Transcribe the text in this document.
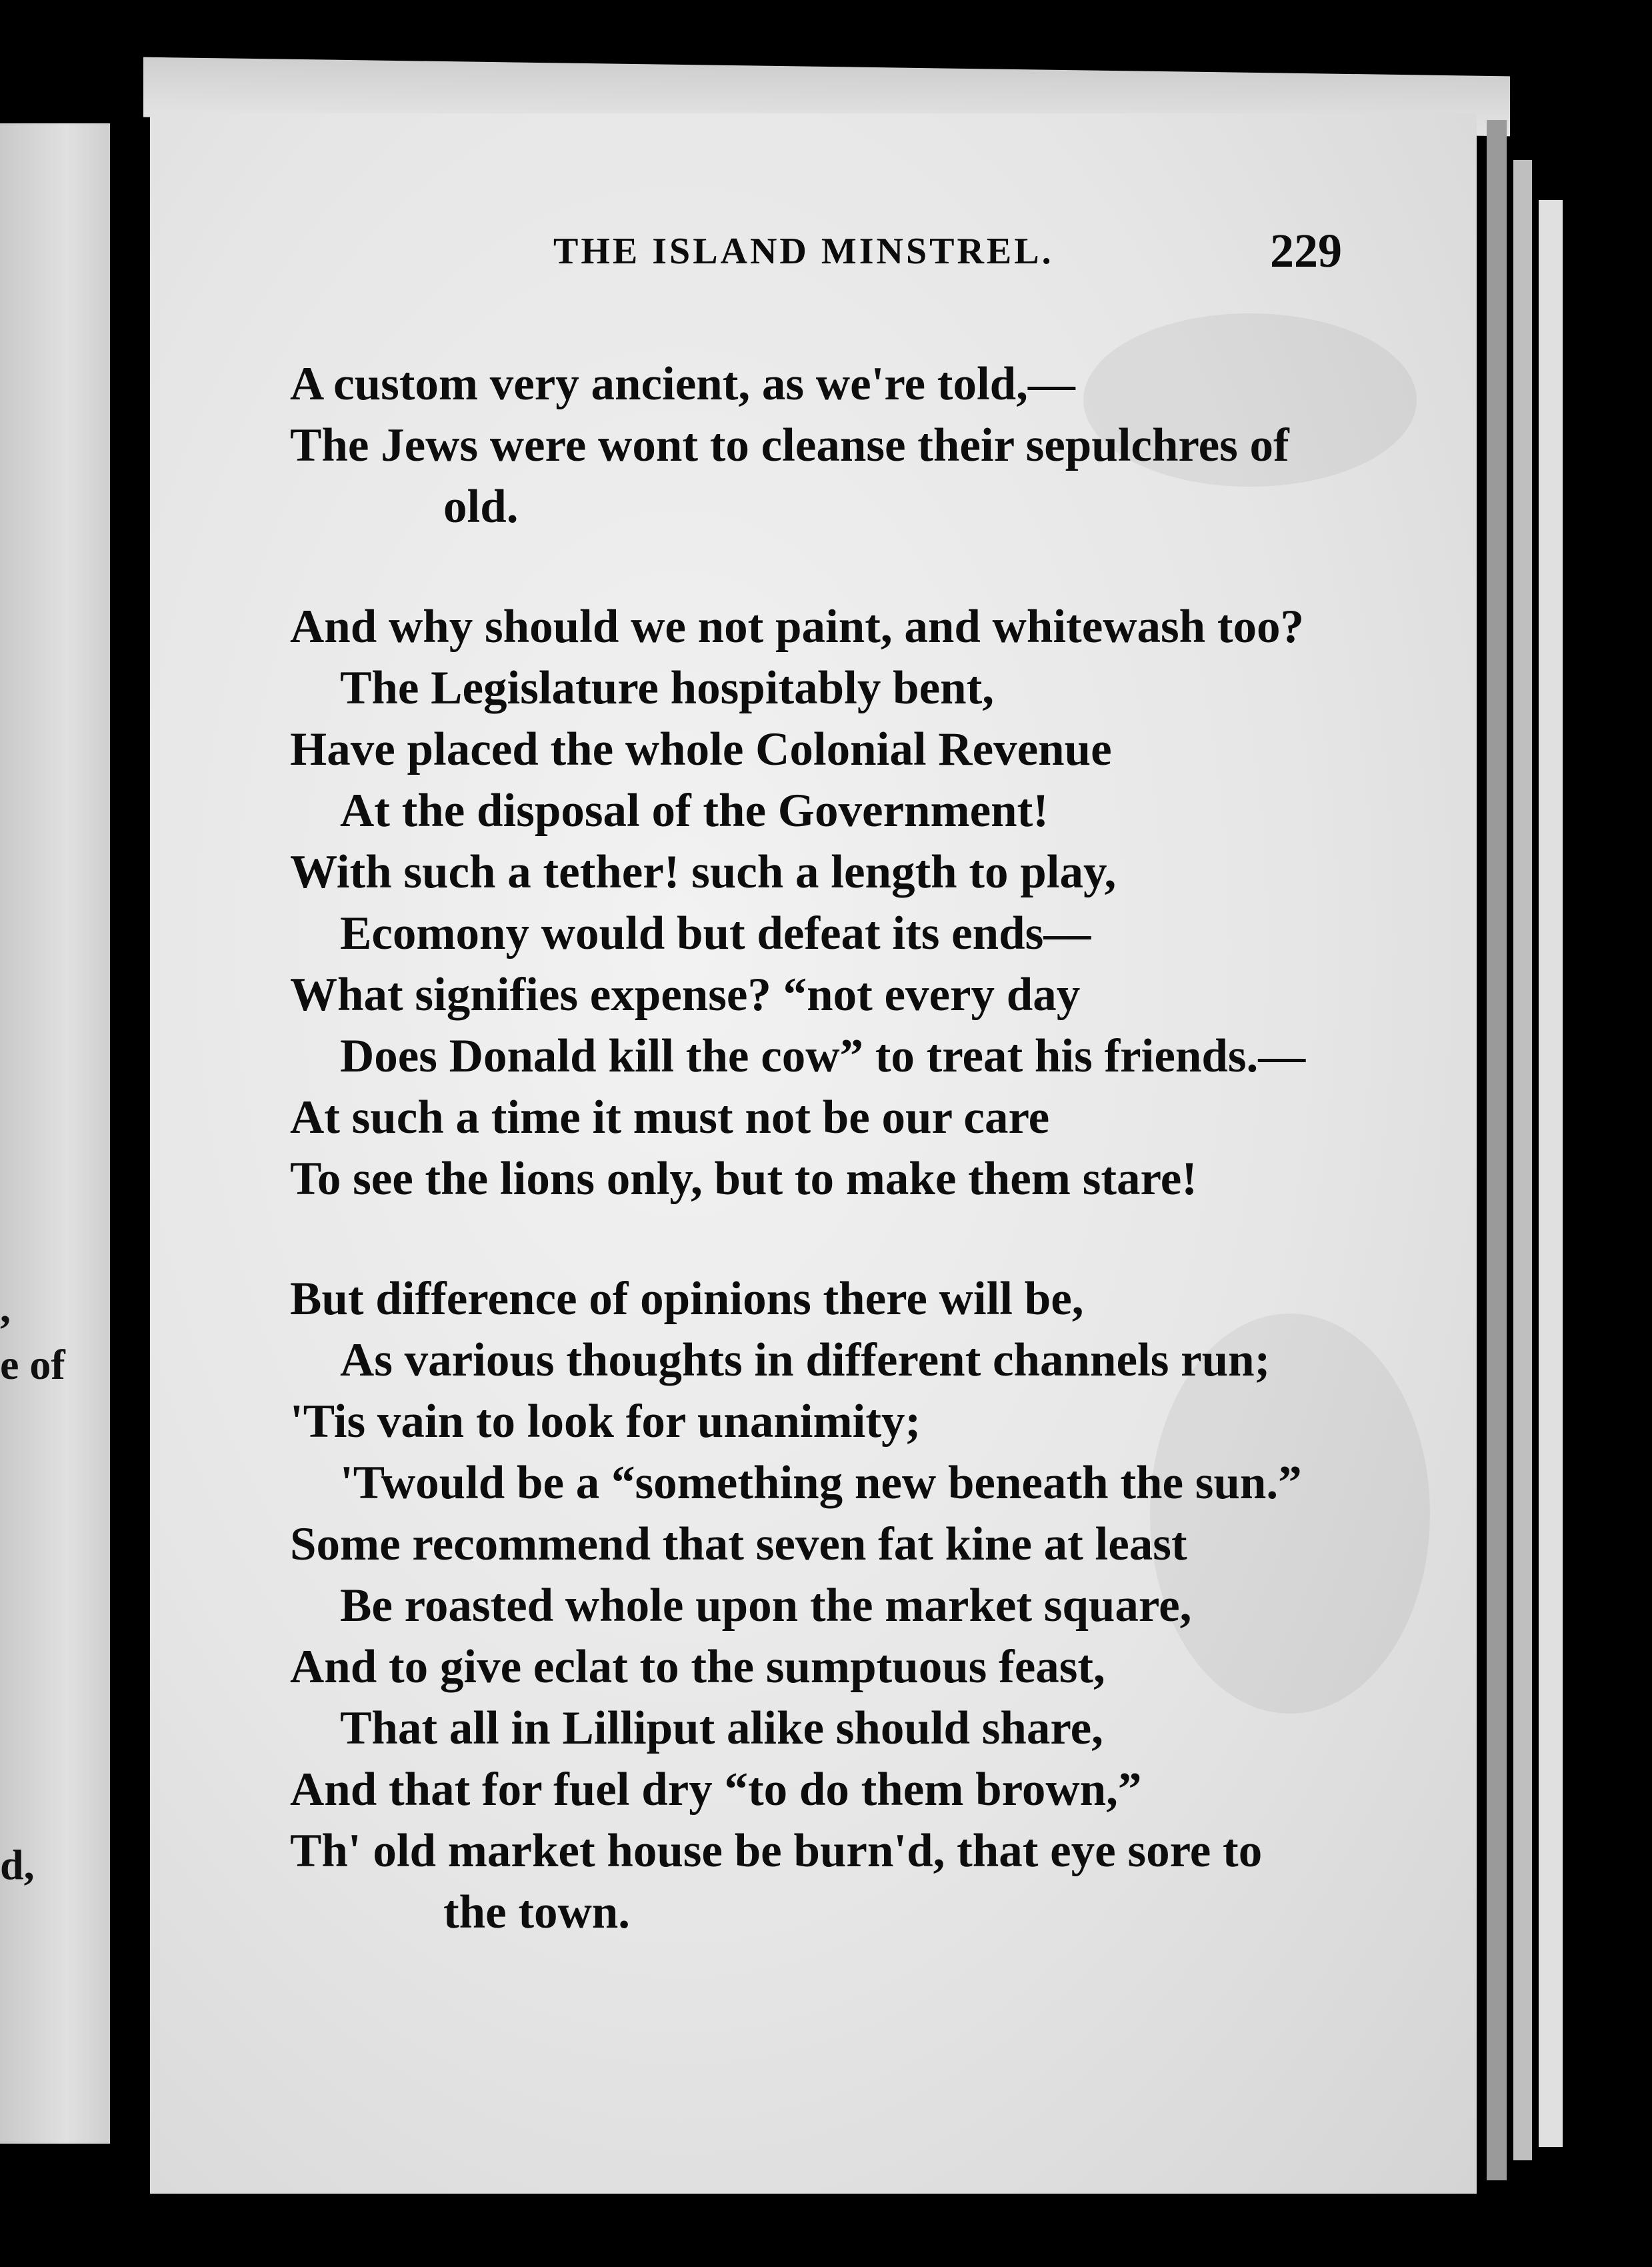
e of
d,
,
THE ISLAND MINSTREL.	229
A custom very ancient, as we're told,—
The Jews were wont to cleanse their sepulchres of
old.
And why should we not paint, and whitewash too?
The Legislature hospitably bent,
Have placed the whole Colonial Revenue
At the disposal of the Government!
With such a tether! such a length to play,
Ecomony would but defeat its ends—
What signifies expense? “not every day
Does Donald kill the cow” to treat his friends.—
At such a time it must not be our care
To see the lions only, but to make them stare!
But difference of opinions there will be,
As various thoughts in different channels run;
'Tis vain to look for unanimity;
'Twould be a “something new beneath the sun.”
Some recommend that seven fat kine at least
Be roasted whole upon the market square,
And to give eclat to the sumptuous feast,
That all in Lilliput alike should share,
And that for fuel dry “to do them brown,”
Th' old market house be burn'd, that eye sore to
the town.
